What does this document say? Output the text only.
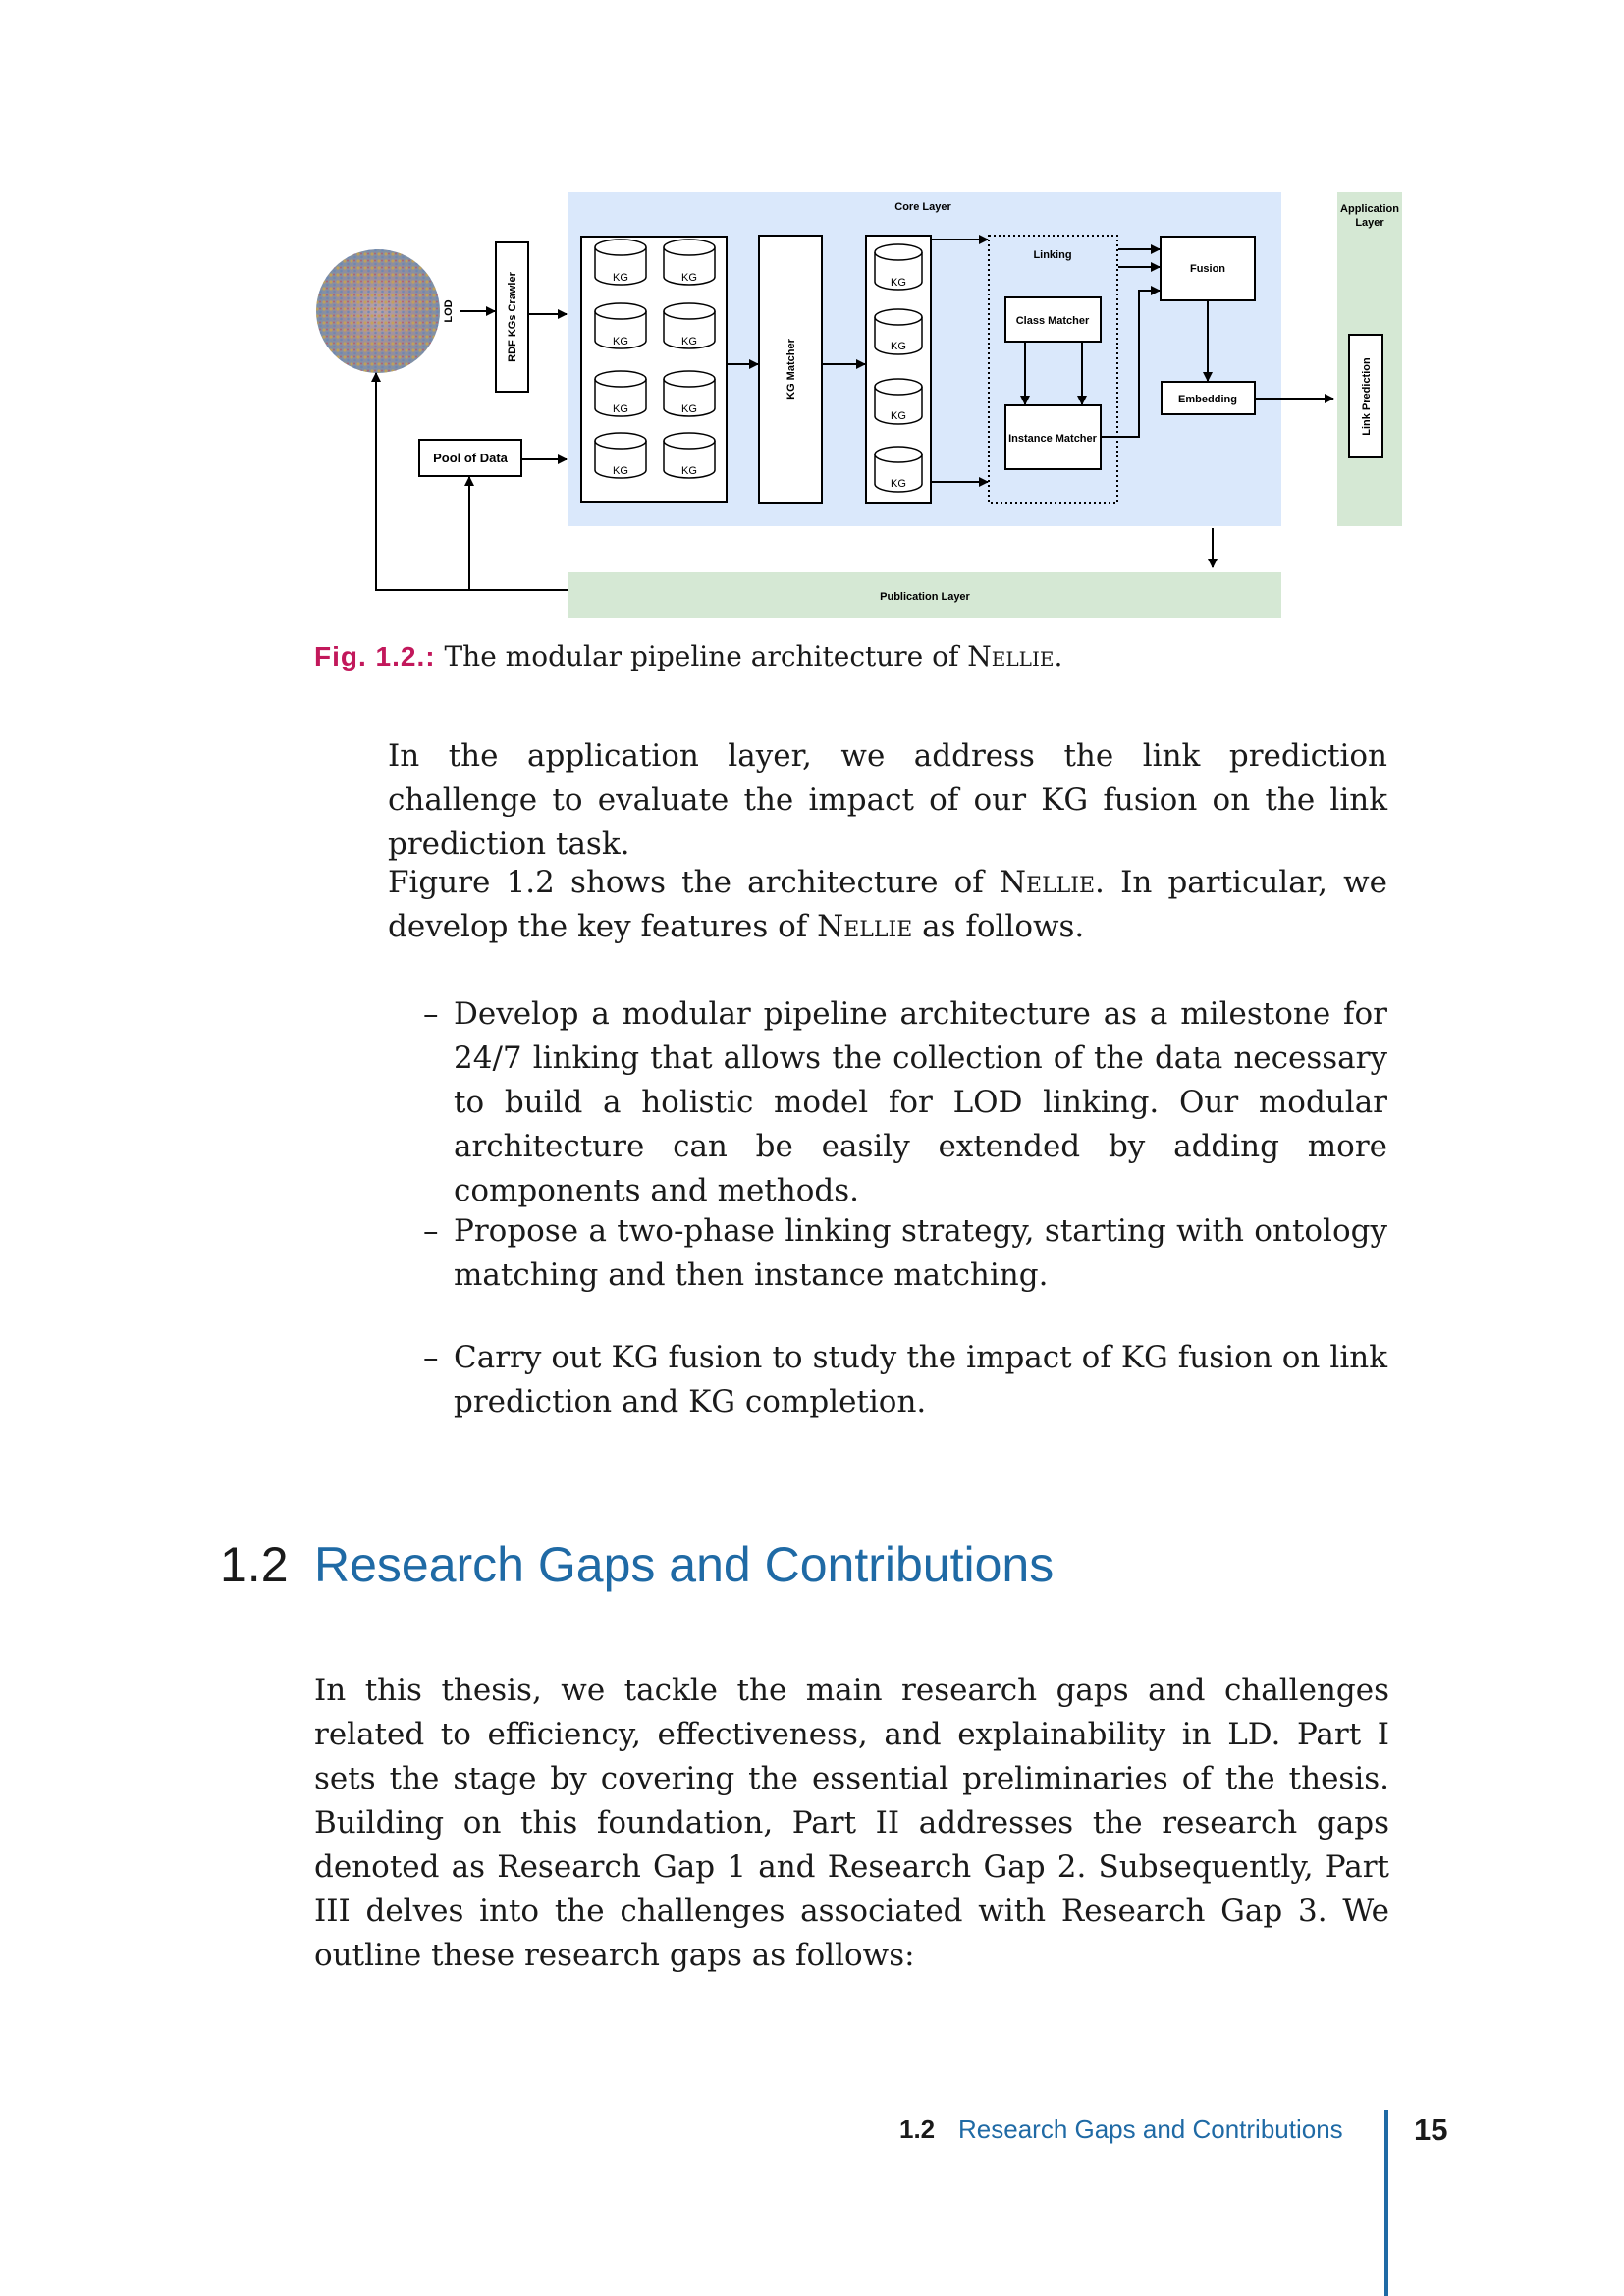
Core Layer	Application
Layer
Publication Layer
LOD	RDF KGs Crawler
Pool of Data
KG	KG
KG	KG
KG	KG
KG	KG
KG Matcher
KG
KG
KG
KG
Linking
Class Matcher
Instance Matcher
Fusion
Embedding	Link Prediction
Fig. 1.2.: The modular pipeline architecture of Nellie.
In the application layer, we address the link prediction challenge to evaluate the impact of our KG fusion on the link prediction task.
Figure 1.2 shows the architecture of Nellie. In particular, we develop the key features of Nellie as follows.
– Develop a modular pipeline architecture as a milestone for 24/7 linking that allows the collection of the data necessary to build a holistic model for LOD linking. Our modular architecture can be easily extended by adding more components and methods.
– Propose a two-phase linking strategy, starting with ontology matching and then instance matching.
– Carry out KG fusion to study the impact of KG fusion on link prediction and KG completion.
1.2 Research Gaps and Contributions
In this thesis, we tackle the main research gaps and challenges related to efficiency, effectiveness, and explainability in LD. Part I sets the stage by covering the essential preliminaries of the thesis. Building on this foundation, Part II addresses the research gaps denoted as Research Gap 1 and Research Gap 2. Subsequently, Part III delves into the challenges associated with Research Gap 3. We outline these research gaps as follows:
1.2 Research Gaps and Contributions 15
